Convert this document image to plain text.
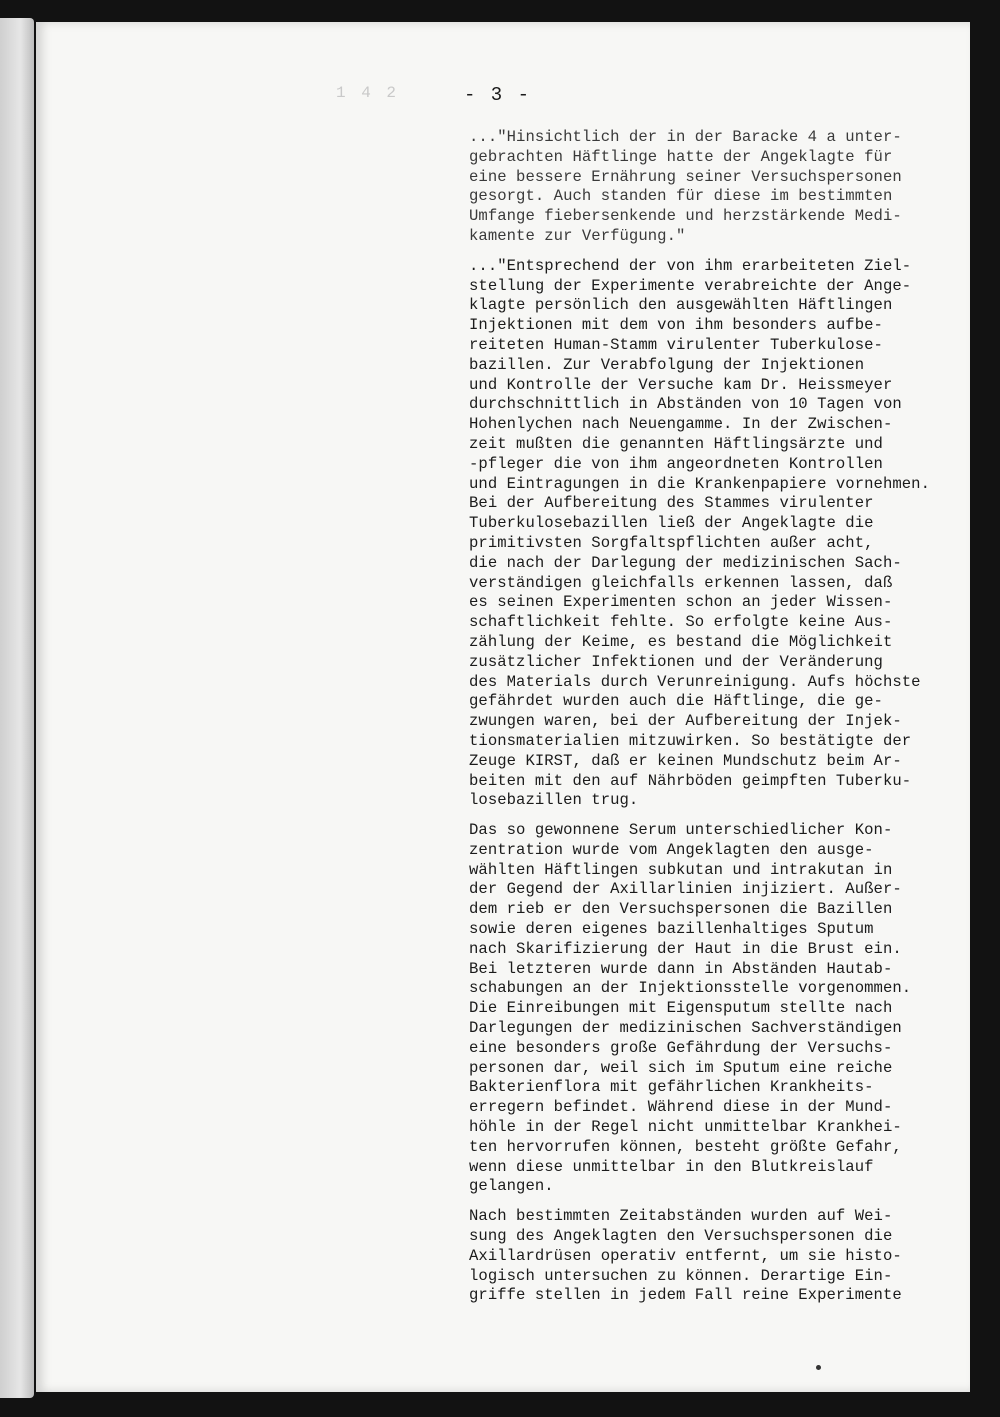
1 4 2	- 3 -
..."Hinsichtlich der in der Baracke 4 a unter-
gebrachten Häftlinge hatte der Angeklagte für
eine bessere Ernährung seiner Versuchspersonen
gesorgt. Auch standen für diese im bestimmten
Umfange fiebersenkende und herzstärkende Medi-
kamente zur Verfügung."
..."Entsprechend der von ihm erarbeiteten Ziel-
stellung der Experimente verabreichte der Ange-
klagte persönlich den ausgewählten Häftlingen
Injektionen mit dem von ihm besonders aufbe-
reiteten Human-Stamm virulenter Tuberkulose-
bazillen. Zur Verabfolgung der Injektionen
und Kontrolle der Versuche kam Dr. Heissmeyer
durchschnittlich in Abständen von 10 Tagen von
Hohenlychen nach Neuengamme. In der Zwischen-
zeit mußten die genannten Häftlingsärzte und
-pfleger die von ihm angeordneten Kontrollen
und Eintragungen in die Krankenpapiere vornehmen.
Bei der Aufbereitung des Stammes virulenter
Tuberkulosebazillen ließ der Angeklagte die
primitivsten Sorgfaltspflichten außer acht,
die nach der Darlegung der medizinischen Sach-
verständigen gleichfalls erkennen lassen, daß
es seinen Experimenten schon an jeder Wissen-
schaftlichkeit fehlte. So erfolgte keine Aus-
zählung der Keime, es bestand die Möglichkeit
zusätzlicher Infektionen und der Veränderung
des Materials durch Verunreinigung. Aufs höchste
gefährdet wurden auch die Häftlinge, die ge-
zwungen waren, bei der Aufbereitung der Injek-
tionsmaterialien mitzuwirken. So bestätigte der
Zeuge KIRST, daß er keinen Mundschutz beim Ar-
beiten mit den auf Nährböden geimpften Tuberku-
losebazillen trug.
Das so gewonnene Serum unterschiedlicher Kon-
zentration wurde vom Angeklagten den ausge-
wählten Häftlingen subkutan und intrakutan in
der Gegend der Axillarlinien injiziert. Außer-
dem rieb er den Versuchspersonen die Bazillen
sowie deren eigenes bazillenhaltiges Sputum
nach Skarifizierung der Haut in die Brust ein.
Bei letzteren wurde dann in Abständen Hautab-
schabungen an der Injektionsstelle vorgenommen.
Die Einreibungen mit Eigensputum stellte nach
Darlegungen der medizinischen Sachverständigen
eine besonders große Gefährdung der Versuchs-
personen dar, weil sich im Sputum eine reiche
Bakterienflora mit gefährlichen Krankheits-
erregern befindet. Während diese in der Mund-
höhle in der Regel nicht unmittelbar Krankhei-
ten hervorrufen können, besteht größte Gefahr,
wenn diese unmittelbar in den Blutkreislauf
gelangen.
Nach bestimmten Zeitabständen wurden auf Wei-
sung des Angeklagten den Versuchspersonen die
Axillardrüsen operativ entfernt, um sie histo-
logisch untersuchen zu können. Derartige Ein-
griffe stellen in jedem Fall reine Experimente
